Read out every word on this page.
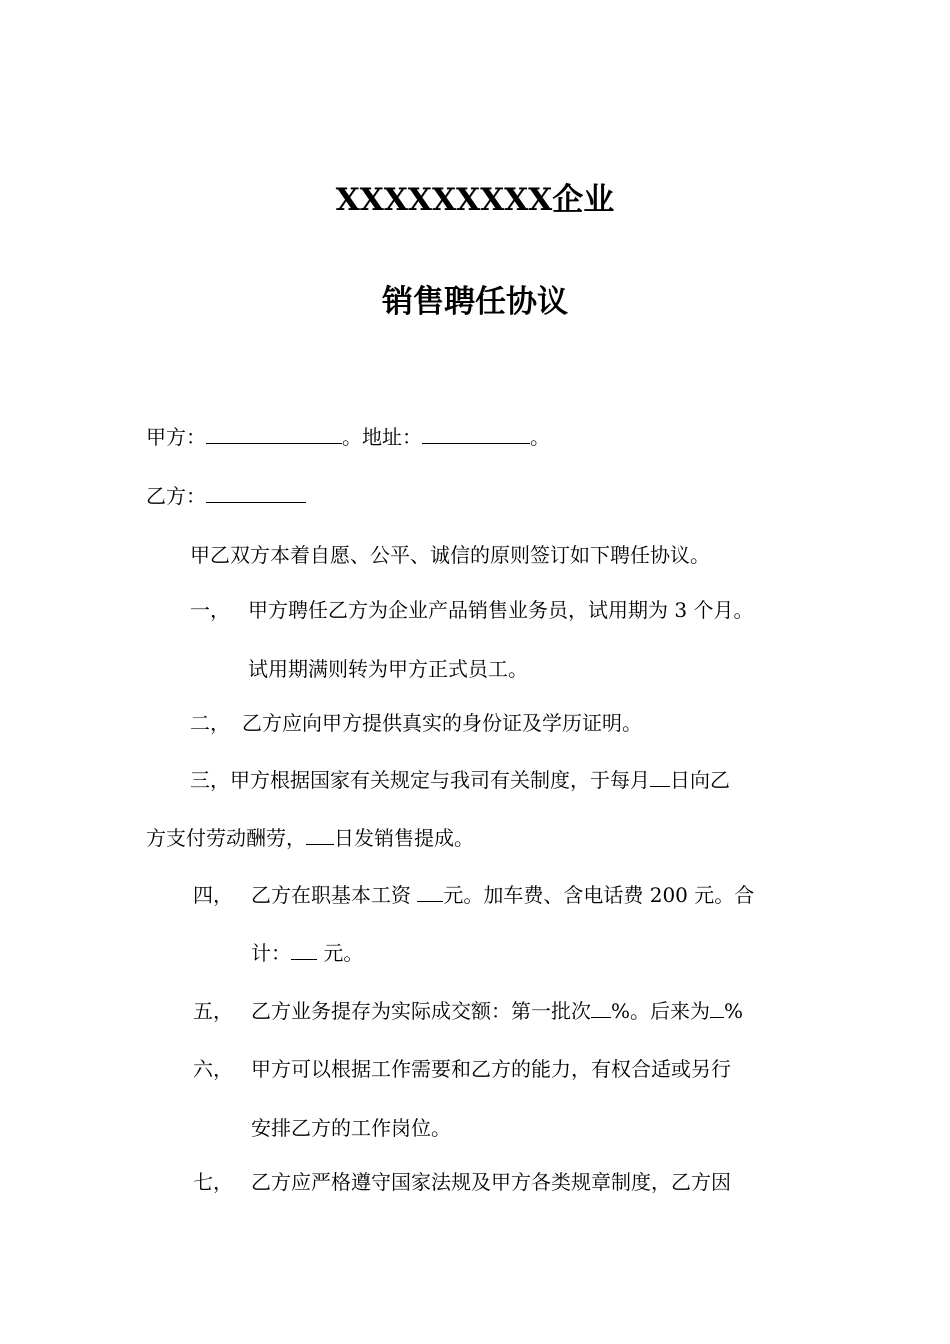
XXXXXXXXX企业
销售聘任协议
甲方：	。地址：	。
乙方：
甲乙双方本着自愿、公平、诚信的原则签订如下聘任协议。
一， 甲方聘任乙方为企业产品销售业务员，试用期为 3 个月。
试用期满则转为甲方正式员工。
二， 乙方应向甲方提供真实的身份证及学历证明。
三，甲方根据国家有关规定与我司有关制度，于每月 日向乙
方支付劳动酬劳， 日发销售提成。
四， 乙方在职基本工资 元。加车费、含电话费 200 元。合
计： 元。
五， 乙方业务提存为实际成交额：第一批次 %。后来为 %
六， 甲方可以根据工作需要和乙方的能力，有权合适或另行
安排乙方的工作岗位。
七， 乙方应严格遵守国家法规及甲方各类规章制度，乙方因
